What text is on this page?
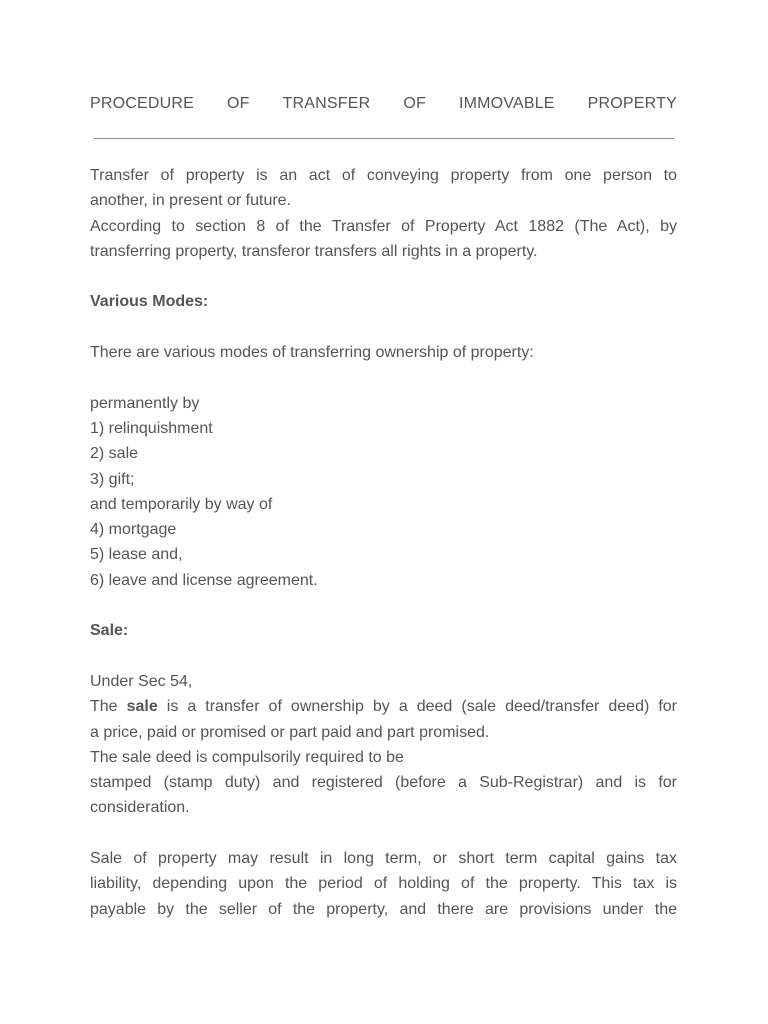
PROCEDURE OF TRANSFER OF IMMOVABLE PROPERTY
Transfer of property is an act of conveying property from one person to
another, in present or future.
According to section 8 of the Transfer of Property Act 1882 (The Act), by
transferring property, transferor transfers all rights in a property.
Various Modes:
There are various modes of transferring ownership of property:
permanently by
1) relinquishment
2) sale
3) gift;
and temporarily by way of
4) mortgage
5) lease and,
6) leave and license agreement.
Sale:
Under Sec 54,
The sale is a transfer of ownership by a deed (sale deed/transfer deed) for
a price, paid or promised or part paid and part promised.
The sale deed is compulsorily required to be
stamped (stamp duty) and registered (before a Sub-Registrar) and is for
consideration.
Sale of property may result in long term, or short term capital gains tax
liability, depending upon the period of holding of the property. This tax is
payable by the seller of the property, and there are provisions under the
